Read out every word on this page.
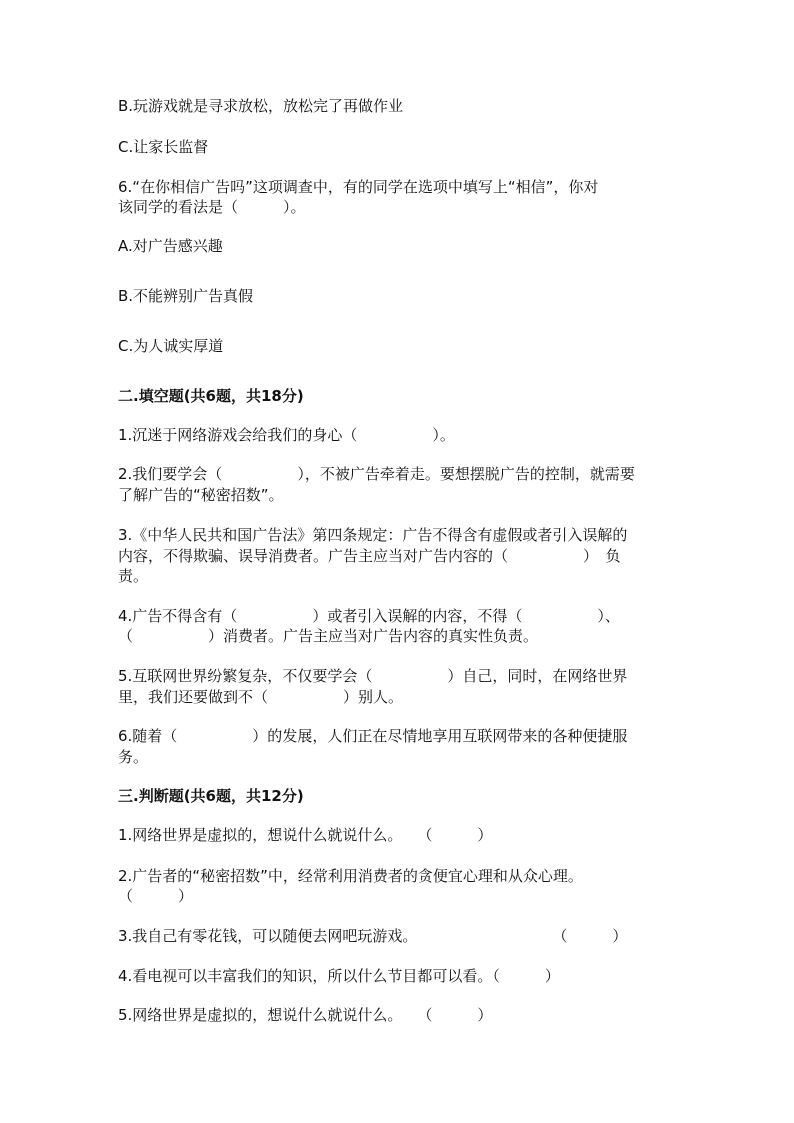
B.玩游戏就是寻求放松，放松完了再做作业

C.让家长监督

6.“在你相信广告吗”这项调查中，有的同学在选项中填写上“相信”，你对

该同学的看法是（　　　）。

A.对广告感兴趣

B.不能辨别广告真假

C.为人诚实厚道

二.填空题(共6题，共18分)

1.沉迷于网络游戏会给我们的身心（　　　　　）。

2.我们要学会（　　　　　），不被广告牵着走。要想摆脱广告的控制，就需要

了解广告的“秘密招数”。

3.《中华人民共和国广告法》第四条规定：广告不得含有虚假或者引入误解的

内容，不得欺骗、误导消费者。广告主应当对广告内容的（　　　　　）　负

责。

4.广告不得含有（　　　　　）或者引入误解的内容，不得（　　　　　）、

（　　　　　）消费者。广告主应当对广告内容的真实性负责。

5.互联网世界纷繁复杂，不仅要学会（　　　　　）自己，同时，在网络世界

里，我们还要做到不（　　　　　）别人。

6.随着（　　　　　）的发展，人们正在尽情地享用互联网带来的各种便捷服

务。

三.判断题(共6题，共12分)

1.网络世界是虚拟的，想说什么就说什么。　　（　　　）

2.广告者的“秘密招数”中，经常利用消费者的贪便宜心理和从众心理。

（　　　）

3.我自己有零花钱，可以随便去网吧玩游戏。　　　　　　　　　　（　　　）

4.看电视可以丰富我们的知识，所以什么节目都可以看。（　　　）

5.网络世界是虚拟的，想说什么就说什么。　　（　　　）
